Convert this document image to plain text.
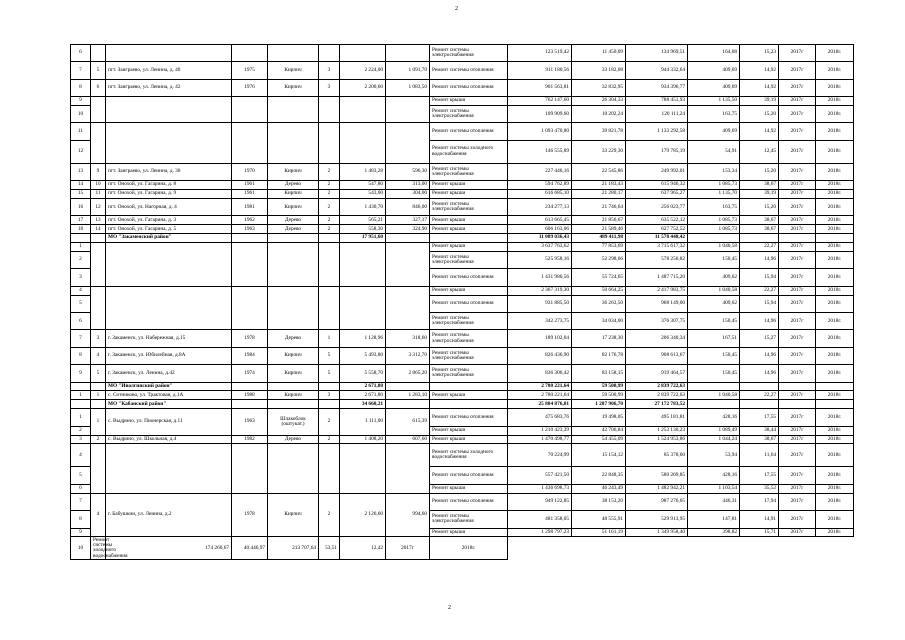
2
6								Ремонт системы электроснабжения	123 519,42	11 450,09	134 969,51	164,08	15,23	2017г	2018г.
7	5	пгт. Заиграево, ул. Ленина, д. 40	1975	Кирпич	3	2 224,00	1 091,70	Ремонт системы отопления	911 180,56	33 182,08	944 332,64	409,69	14,92	2017г	2018г.
8	6	пгт. Заиграево, ул. Ленина, д. 42	1976	Кирпич	3	2 200,60	1 083,50	Ремонт системы отопления	901 563,81	32 832,95	934 396,77	409,69	14,92	2017г	2018г.
9								Ремонт крыши	762 147,60	26 304,33	788 451,93	1 135,50	39,19	2017г	2018г.
10								Ремонт системы электроснабжения	109 909,60	10 202,24	120 111,24	163,75	15,20	2017г	2018г.
11								Ремонт системы отопления	1 093 470,80	39 821,78	1 133 292,58	409,69	14,92	2017г	2018г.
12								Ремонт системы холодного водоснабжения	146 555,89	33 229,30	179 785,19	54,91	12,45	2017г	2018г.
13	9	пгт. Заиграево, ул. Ленина, д. 30	1970	Кирпич	2	1 483,28	596,30	Ремонт системы электроснабжения	227 446,16	22 545,86	249 992,01	153,34	15,20	2017г	2018г.
14	10	пгт. Онохой, ул. Гагарина, д. 8	1961	Дерево	2	547,80	313,00	Ремонт крыши	594 762,89	21 183,43	615 946,32	1 085,73	38,67	2017г	2018г.
15	11	пгт. Онохой, ул. Гагарина, д. 9	1961	Кирпич	2	543,00	304,00	Ремонт крыши	616 685,10	21 280,17	637 965,27	1 135,70	39,19	2017г	2018г.
16	12	пгт. Онохой, ул. Нагорная, д. 4	1981	Кирпич	2	1 430,70	846,00	Ремонт системы электроснабжения	234 277,13	21 746,64	256 023,77	163,75	15,20	2017г	2018г.
17	13	пгт. Онохой, ул. Гагарина, д. 3	1962	Дерево	2	565,21	327,17	Ремонт крыши	613 665,45	21 856,67	635 522,12	1 085,73	38,67	2017г	2018г.
18	14	пгт. Онохой, ул. Гагарина, д. 5	1963	Дерево	2	558,30	324,90	Ремонт крыши	606 163,06	21 589,46	627 752,52	1 085,73	38,67	2017г	2018г.
		МО "Закаменский район"				17 951,60			11 089 036,43	489 411,98	11 578 448,42				
1								Ремонт крыши	3 637 763,62	77 853,69	3 715 617,32	1 040,58	22,27	2017г	2018г.
2								Ремонт системы электроснабжения	525 958,16	52 298,66	578 256,82	150,45	14,96	2017г	2018г.
3								Ремонт системы отопления	1 431 980,56	55 724,65	1 487 715,20	409,62	15,94	2017г	2018г.
4								Ремонт крыши	2 367 319,30	50 664,25	2 417 983,75	1 040,58	22,27	2017г	2018г.
5								Ремонт системы отопления	931 885,50	36 263,50	968 149,00	409,62	15,94	2017г	2018г.
6								Ремонт системы электроснабжения	342 273,75	34 034,00	376 307,75	150,45	14,96	2017г	2018г.
7	3	г. Закаменск, ул. Набережная, д.15	1978	Дерево	1	1 128,96	318,60	Ремонт системы электроснабжения	189 102,04	17 238,30	206 340,34	167,51	15,27	2017г	2018г.
8	4	г. Закаменск, ул. Юбилейная, д.8А	1984	Кирпич	5	5 493,80	3 312,70	Ремонт системы электроснабжения	826 436,90	82 176,78	908 613,67	150,45	14,96	2017г	2018г.
9	5	г. Закаменск, ул. Ленина, д.42	1974	Кирпич	5	5 558,70	2 865,20	Ремонт системы электроснабжения	836 306,42	83 158,15	919 464,57	150,45	14,96	2017г	2018г.
		МО "Иволгинский район"				2 671,80			2 780 221,64	59 500,99	2 839 722,63				
1	1	с. Сотниково, ул. Трактовая, д.1А	1988	Кирпич	3	2 671,80	1 283,10	Ремонт крыши	2 780 221,64	59 500,99	2 839 722,63	1 040,58	22,27	2017г	2018г.
		МО "Кабанский район"				34 660,21			25 884 876,81	1 287 906,70	27 172 783,52				
1	1	с. Выдрино, ул. Пионерская, д.11	1963	Шлакоблок (оштукат.)	2	1 111,00	615,39	Ремонт системы отопления	475 683,76	19 498,05	495 181,81	428,16	17,55	2017г	2018г.
2								Ремонт крыши	1 210 423,39	42 706,84	1 253 130,23	1 089,49	38,44	2017г	2018г.
3	2	с. Выдрино, ул. Школьная, д.4	1982	Дерево	2	1 408,20	607,60	Ремонт крыши	1 470 498,77	54 455,09	1 524 953,86	1 044,24	38,67	2017г	2018г.
4								Ремонт системы холодного водоснабжения	70 224,99	15 154,12	85 378,60	53,94	11,64	2017г	2018г.
5								Ремонт системы отопления	557 421,50	22 848,35	580 269,85	428,16	17,55	2017г	2018г.
6								Ремонт крыши	1 436 698,73	46 243,49	1 482 942,21	1 103,54	35,52	2017г	2018г.
7	4	г. Бабушкин, ул. Ленина, д.2	1978	Кирпич	2	2 126,60	994,60	Ремонт системы отопления	949 122,85	38 153,20	987 276,05	446,31	17,94	2017г	2018г.
8								Ремонт системы электроснабжения	481 358,05	48 555,91	529 913,95	147,81	14,91	2017г	2018г.
9								Ремонт крыши	1 298 797,23	51 161,19	1 349 958,40	398,82	15,71	2017г	2018г.
10	Ремонт системы холодного водоснабжения	174 260,67	40 446,97	213 707,64	53,51	12,42	2017г	2018г.							
2
